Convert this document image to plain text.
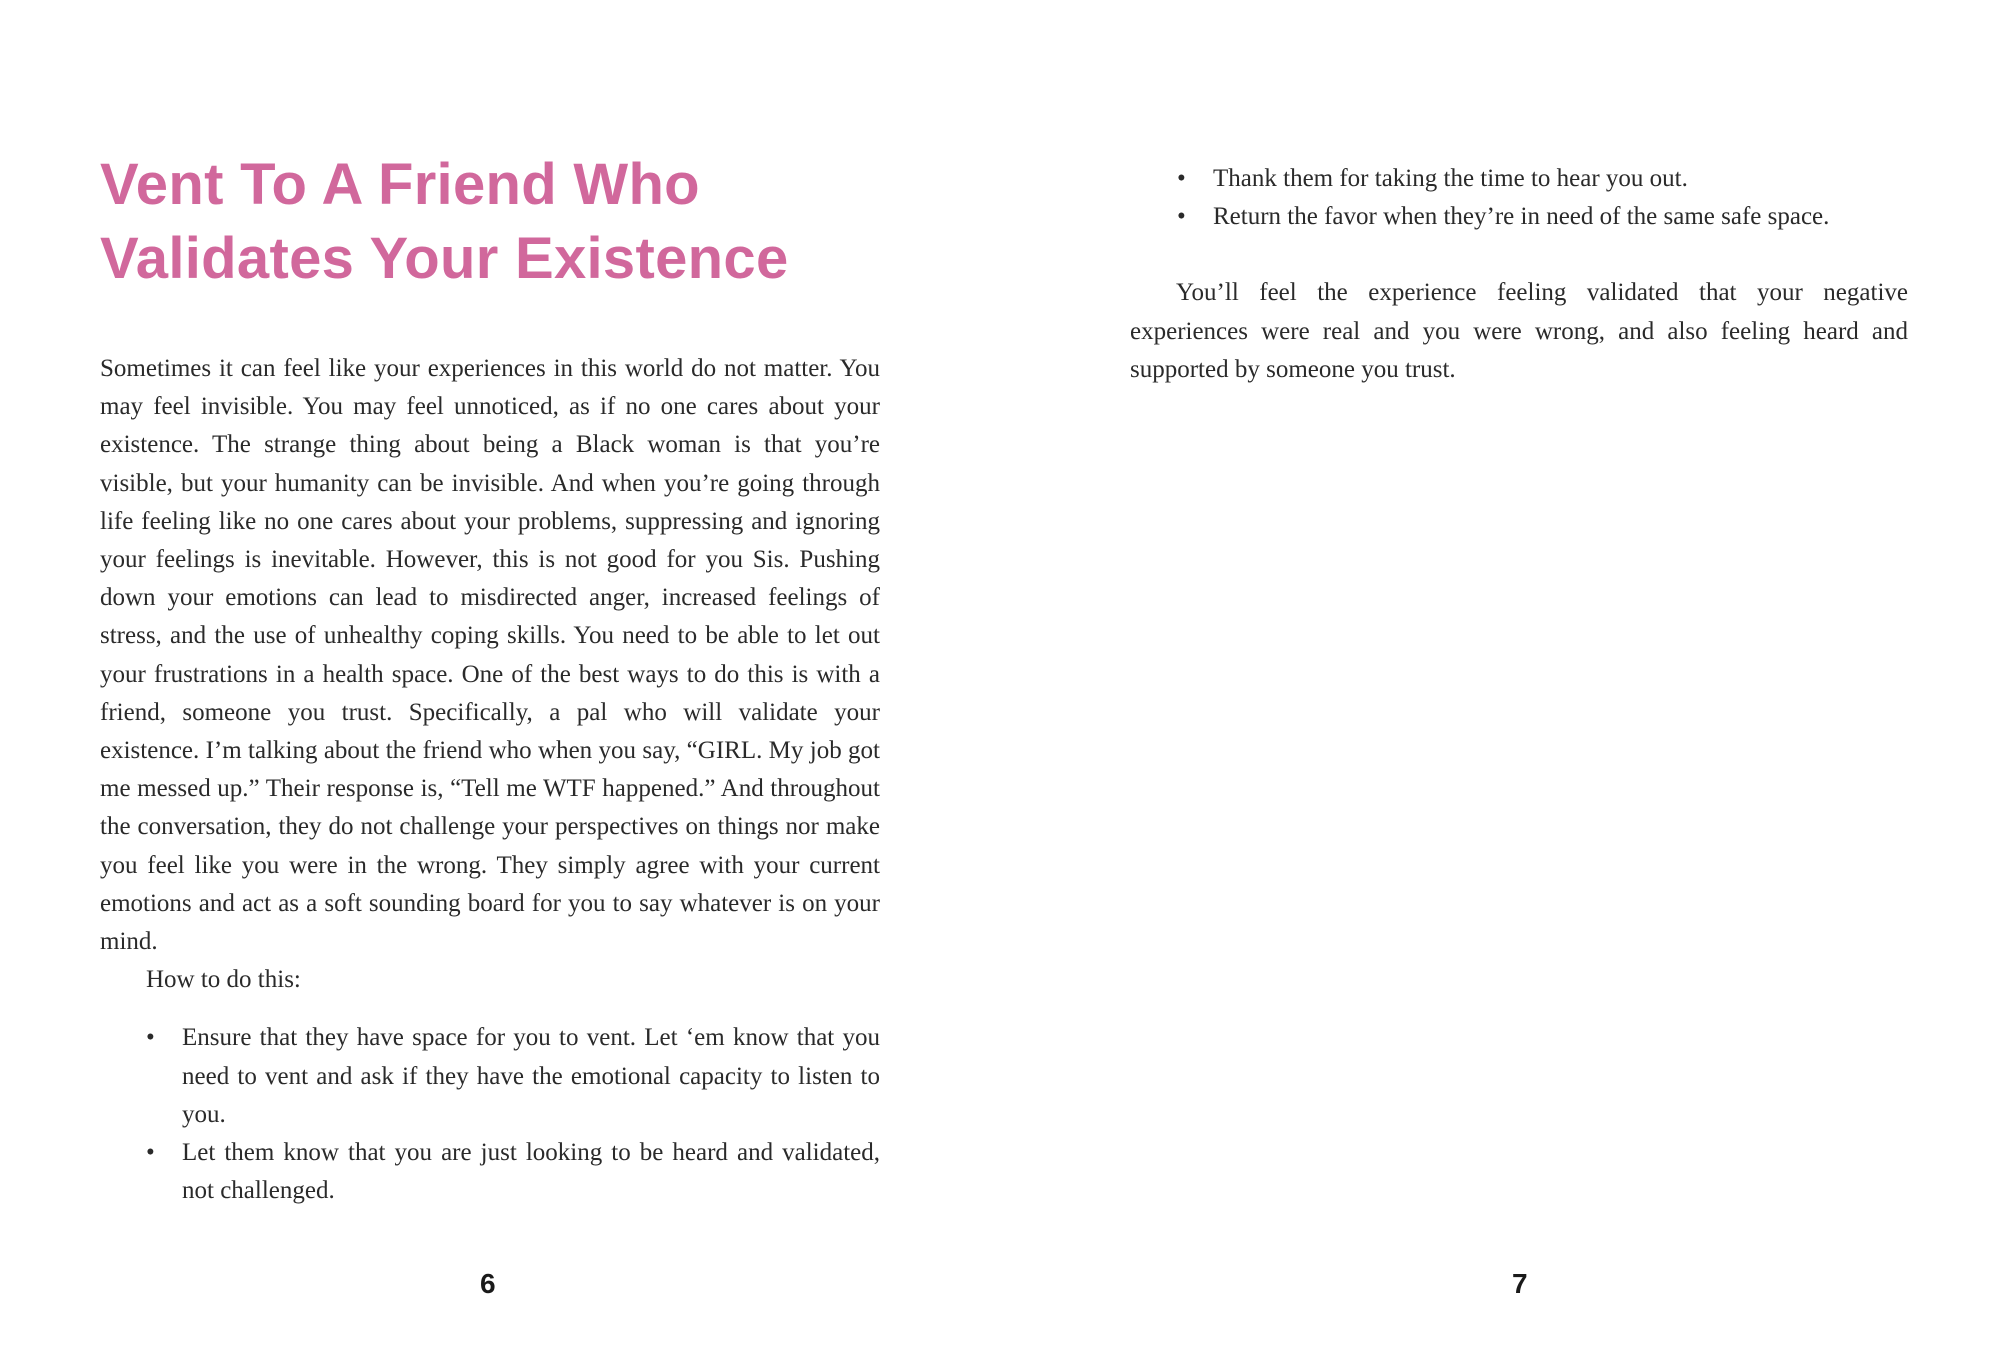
Vent To A Friend Who
Validates Your Existence

Sometimes it can feel like your experiences in this world do not matter. You may feel invisible. You may feel unnoticed, as if no one cares about your existence. The strange thing about being a Black woman is that you’re visible, but your humanity can be invisible. And when you’re going through life feeling like no one cares about your problems, suppressing and ignoring your feelings is inevitable. However, this is not good for you Sis. Pushing down your emotions can lead to misdirected anger, increased feelings of stress, and the use of unhealthy coping skills. You need to be able to let out your frustrations in a health space. One of the best ways to do this is with a friend, someone you trust. Specifically, a pal who will validate your existence. I’m talking about the friend who when you say, “GIRL. My job got me messed up.” Their response is, “Tell me WTF happened.” And throughout the conversation, they do not challenge your perspectives on things nor make you feel like you were in the wrong. They simply agree with your current emotions and act as a soft sounding board for you to say whatever is on your mind.

How to do this:

• Ensure that they have space for you to vent. Let ‘em know that you need to vent and ask if they have the emotional capacity to listen to you.
• Let them know that you are just looking to be heard and validated, not challenged.
6
• Thank them for taking the time to hear you out.
• Return the favor when they’re in need of the same safe space.

You’ll feel the experience feeling validated that your negative experiences were real and you were wrong, and also feeling heard and supported by someone you trust.

7
